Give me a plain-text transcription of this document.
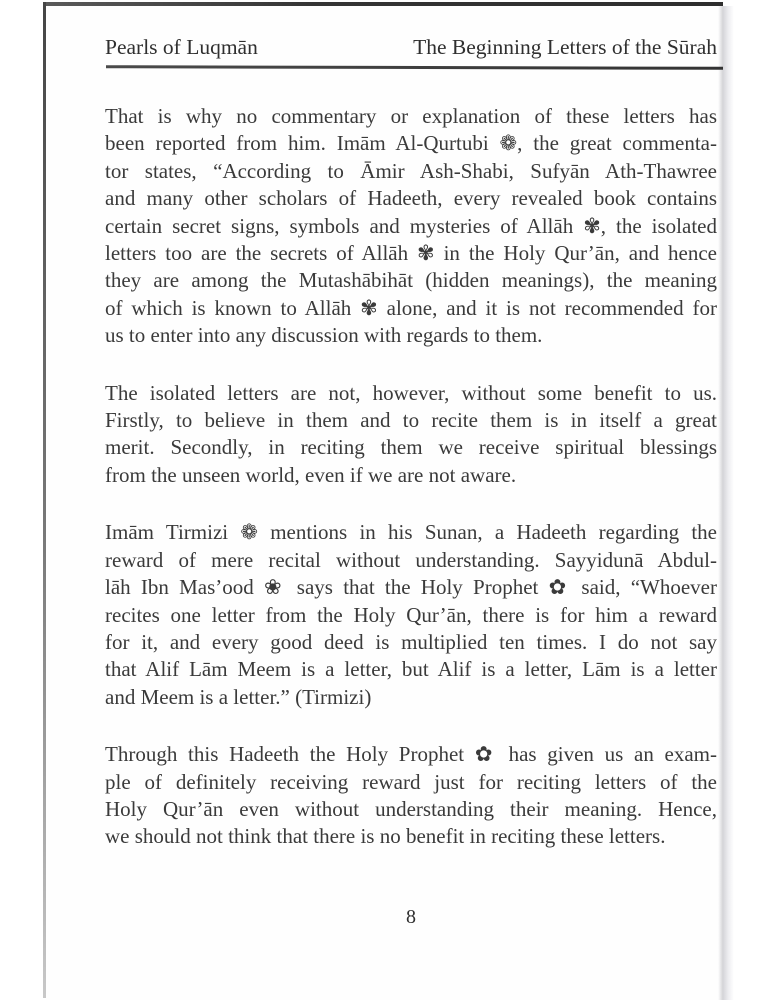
Pearls of Luqmān	The Beginning Letters of the Sūrah
That is why no commentary or explanation of these letters has
been reported from him. Imām Al-Qurtubi ❁, the great commenta-
tor states, “According to Āmir Ash-Shabi, Sufyān Ath-Thawree
and many other scholars of Hadeeth, every revealed book contains
certain secret signs, symbols and mysteries of Allāh ✾, the isolated
letters too are the secrets of Allāh ✾ in the Holy Qur’ān, and hence
they are among the Mutashābihāt (hidden meanings), the meaning
of which is known to Allāh ✾ alone, and it is not recommended for
us to enter into any discussion with regards to them.
The isolated letters are not, however, without some benefit to us.
Firstly, to believe in them and to recite them is in itself a great
merit. Secondly, in reciting them we receive spiritual blessings
from the unseen world, even if we are not aware.
Imām Tirmizi ❁ mentions in his Sunan, a Hadeeth regarding the
reward of mere recital without understanding. Sayyidunā Abdul-
lāh Ibn Mas’ood ❀ says that the Holy Prophet ✿ said, “Whoever
recites one letter from the Holy Qur’ān, there is for him a reward
for it, and every good deed is multiplied ten times. I do not say
that Alif Lām Meem is a letter, but Alif is a letter, Lām is a letter
and Meem is a letter.” (Tirmizi)
Through this Hadeeth the Holy Prophet ✿ has given us an exam-
ple of definitely receiving reward just for reciting letters of the
Holy Qur’ān even without understanding their meaning. Hence,
we should not think that there is no benefit in reciting these letters.
8
